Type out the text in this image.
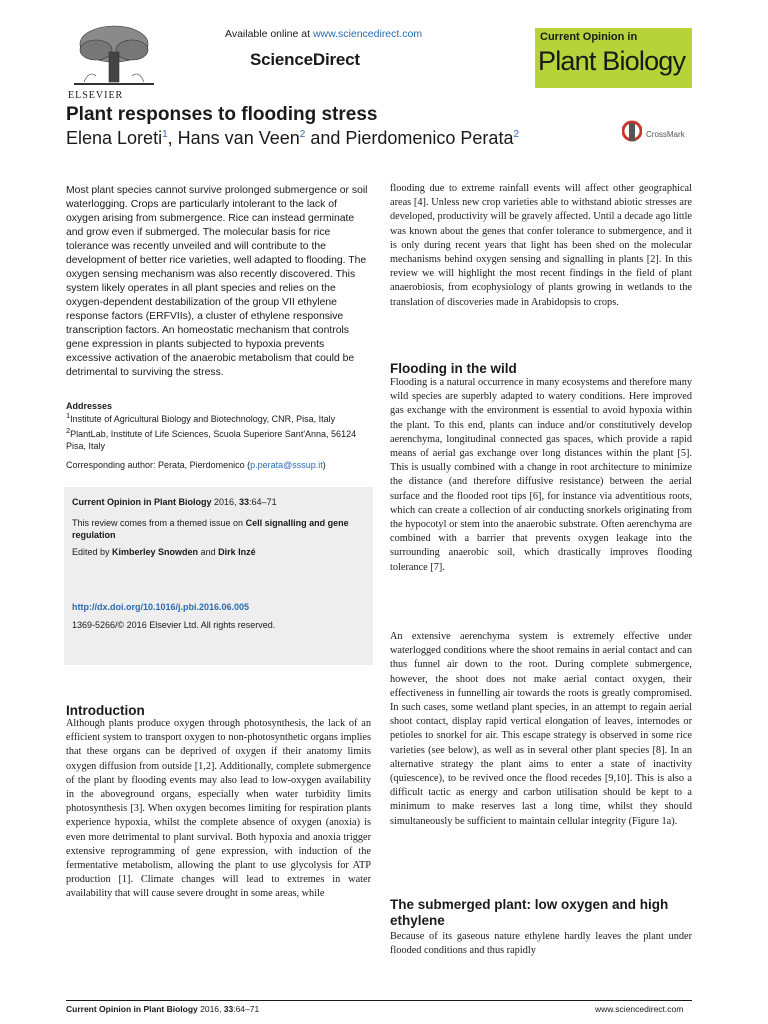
Available online at www.sciencedirect.com
ScienceDirect
ELSEVIER
Current Opinion in
Plant Biology
Plant responses to flooding stress
Elena Loreti$^1$, Hans van Veen$^2$ and Pierdomenico Perata$^2$	CrossMark
Most plant species cannot survive prolonged submergence or soil waterlogging. Crops are particularly intolerant to the lack of oxygen arising from submergence. Rice can instead germinate and grow even if submerged. The molecular basis for rice tolerance was recently unveiled and will contribute to the development of better rice varieties, well adapted to flooding. The oxygen sensing mechanism was also recently discovered. This system likely operates in all plant species and relies on the oxygen-dependent destabilization of the group VII ethylene response factors (ERFVIIs), a cluster of ethylene responsive transcription factors. An homeostatic mechanism that controls gene expression in plants subjected to hypoxia prevents excessive activation of the anaerobic metabolism that could be detrimental to surviving the stress.
Addresses
$^1$Institute of Agricultural Biology and Biotechnology, CNR, Pisa, Italy
$^2$PlantLab, Institute of Life Sciences, Scuola Superiore Sant'Anna, 56124 Pisa, Italy
Corresponding author: Perata, Pierdomenico (p.perata@sssup.it)
Current Opinion in Plant Biology 2016, 33:64–71
This review comes from a themed issue on Cell signalling and gene regulation
Edited by Kimberley Snowden and Dirk Inzé
http://dx.doi.org/10.1016/j.pbi.2016.06.005
1369-5266/© 2016 Elsevier Ltd. All rights reserved.
Introduction
Although plants produce oxygen through photosynthesis, the lack of an efficient system to transport oxygen to non-photosynthetic organs implies that these organs can be deprived of oxygen if their anatomy limits oxygen diffusion from outside [1,2]. Additionally, complete submergence of the plant by flooding events may also lead to low-oxygen availability in the aboveground organs, especially when water turbidity limits photosynthesis [3]. When oxygen becomes limiting for respiration plants experience hypoxia, whilst the complete absence of oxygen (anoxia) is even more detrimental to plant survival. Both hypoxia and anoxia trigger extensive reprogramming of gene expression, with induction of the fermentative metabolism, allowing the plant to use glycolysis for ATP production [1]. Climate changes will lead to extremes in water availability that will cause severe drought in some areas, while
flooding due to extreme rainfall events will affect other geographical areas [4]. Unless new crop varieties able to withstand abiotic stresses are developed, productivity will be gravely affected. Until a decade ago little was known about the genes that confer tolerance to submergence, and it is only during recent years that light has been shed on the molecular mechanisms behind oxygen sensing and signalling in plants [2]. In this review we will highlight the most recent findings in the field of plant anaerobiosis, from ecophysiology of plants growing in wetlands to the translation of discoveries made in Arabidopsis to crops.
Flooding in the wild
Flooding is a natural occurrence in many ecosystems and therefore many wild species are superbly adapted to watery conditions. Here improved gas exchange with the environment is essential to avoid hypoxia within the plant. To this end, plants can induce and/or constitutively develop aerenchyma, longitudinal connected gas spaces, which provide a rapid means of aerial gas exchange over long distances within the plant [5]. This is usually combined with a change in root architecture to minimize the distance (and therefore diffusive resistance) between the aerial surface and the flooded root tips [6], for instance via adventitious roots, which can create a collection of air conducting snorkels originating from the hypocotyl or stem into the anaerobic substrate. Often aerenchyma are combined with a barrier that prevents oxygen leakage into the surrounding anaerobic soil, which drastically improves flooding tolerance [7].
An extensive aerenchyma system is extremely effective under waterlogged conditions where the shoot remains in aerial contact and can thus funnel air down to the root. During complete submergence, however, the shoot does not make aerial contact oxygen, their effectiveness in funnelling air towards the roots is greatly compromised. In such cases, some wetland plant species, in an attempt to regain aerial shoot contact, display rapid vertical elongation of leaves, internodes or petioles to snorkel for air. This escape strategy is observed in some rice varieties (see below), as well as in several other plant species [8]. In an alternative strategy the plant aims to enter a state of inactivity (quiescence), to be revived once the flood recedes [9,10]. This is also a difficult tactic as energy and carbon utilisation should be kept to a minimum to make reserves last a long time, whilst they should simultaneously be sufficient to maintain cellular integrity (Figure 1a).
The submerged plant: low oxygen and high ethylene
Because of its gaseous nature ethylene hardly leaves the plant under flooded conditions and thus rapidly
Current Opinion in Plant Biology 2016, 33:64–71	www.sciencedirect.com
